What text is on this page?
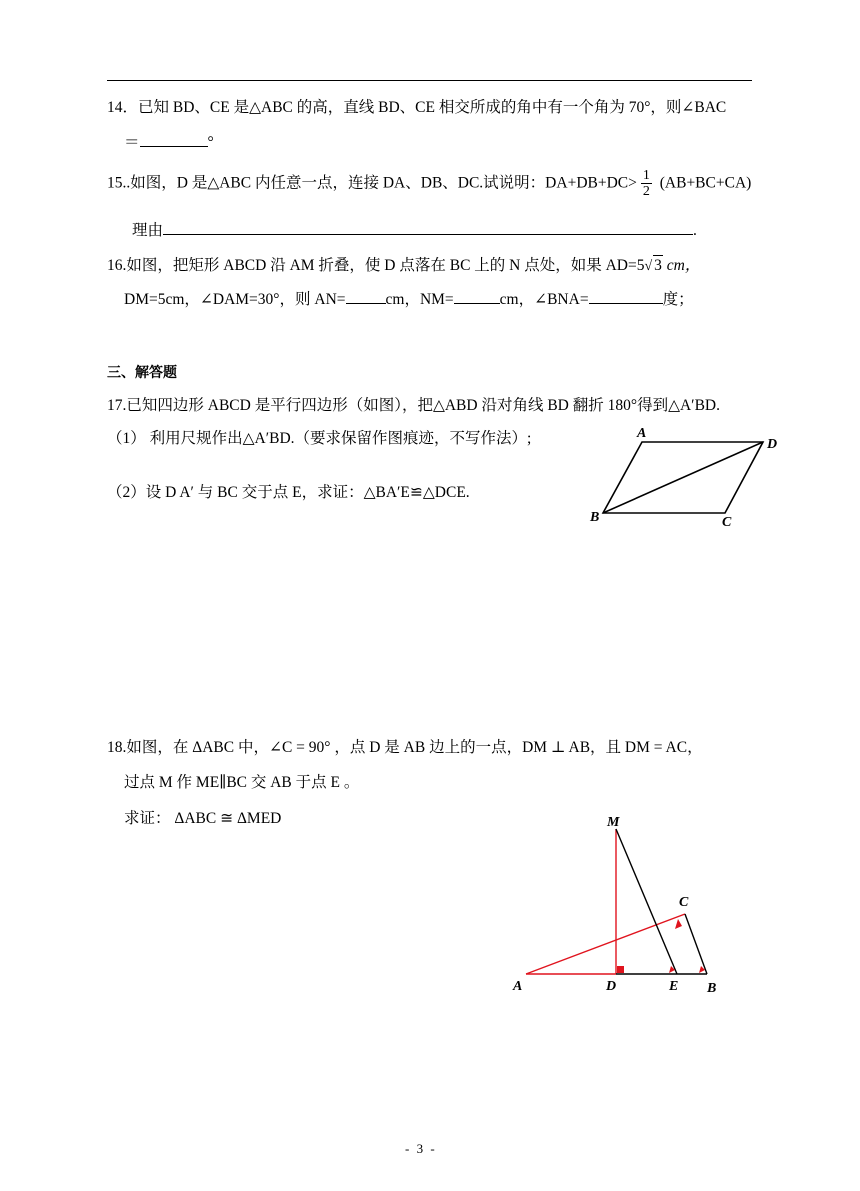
14．已知 BD、CE 是△ABC 的高，直线 BD、CE 相交所成的角中有一个角为 70°，则∠BAC
＝	°
15..如图，D 是△ABC 内任意一点，连接 DA、DB、DC.试说明：$DA+DB+DC> \frac{1}{2} (AB+BC+CA)$
理由	.
16.如图，把矩形 ABCD 沿 AM 折叠，使 D 点落在 BC 上的 N 点处，如果 AD=5√ 3 cm，
DM=5cm，∠DAM=30°，则 AN=	cm，NM=	cm，∠BNA=	度；
三、解答题
17.已知四边形 ABCD 是平行四边形（如图），把△ABD 沿对角线 BD 翻折 180°得到△A′BD.
（1） 利用尺规作出△A′BD.（要求保留作图痕迹，不写作法）;
（2）设 D A′ 与 BC 交于点 E，求证：△BA′E≌△DCE.
A
D
B	C
18.如图，在 ΔABC 中，∠C = 90° ，点 D 是 AB 边上的一点，DM ⊥ AB，且 DM = AC，
过点 M 作 ME∥BC 交 AB 于点 E 。
求证： ΔABC ≅ ΔMED	M
C
A	D	E B
- 3 -
